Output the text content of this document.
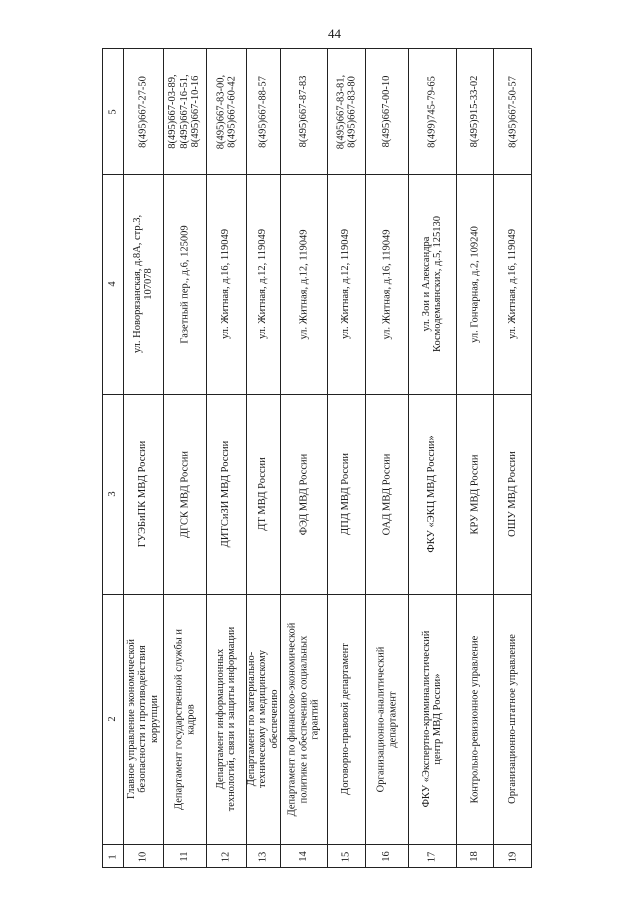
44
5
4
3
2
1
8(495)667-27-50
ул. Новорязанская, д.8А, стр.3,
107078
ГУЭБиПК МВД России
Главное управление экономической
безопасности и противодействия
коррупции
10
8(495)667-03-89,
8(495)667-16-51,
8(495)667-10-16
Газетный пер., д.6, 125009
ДГСК МВД России
Департамент государственной службы и
кадров
11
8(495)667-83-00,
8(495)667-60-42
ул. Житная, д.16, 119049
ДИТСиЗИ МВД России
Департамент информационных
технологий, связи и защиты информации
12
8(495)667-88-57
ул. Житная, д.12, 119049
ДТ МВД России
Департамент по материально-
техническому и медицинскому
обеспечению
13
8(495)667-87-83
ул. Житная, д.12, 119049
ФЭД МВД России
Департамент по финансово-экономической
политике и обеспечению социальных
гарантий
14
8(495)667-83-81,
8(495)667-83-80
ул. Житная, д.12, 119049
ДПД МВД России
Договорно-правовой департамент
15
8(495)667-00-10
ул. Житная, д.16, 119049
ОАД МВД России
Организационно-аналитический
департамент
16
8(499)745-79-65
ул. Зои и Александра
Космодемьянских, д.5, 125130
ФКУ «ЭКЦ МВД России»
ФКУ «Экспертно-криминалистический
центр МВД России»
17
8(495)915-33-02
ул. Гончарная, д.2, 109240
КРУ МВД России
Контрольно-ревизионное управление
18
8(495)667-50-57
ул. Житная, д.16, 119049
ОШУ МВД России
Организационно-штатное управление
19
